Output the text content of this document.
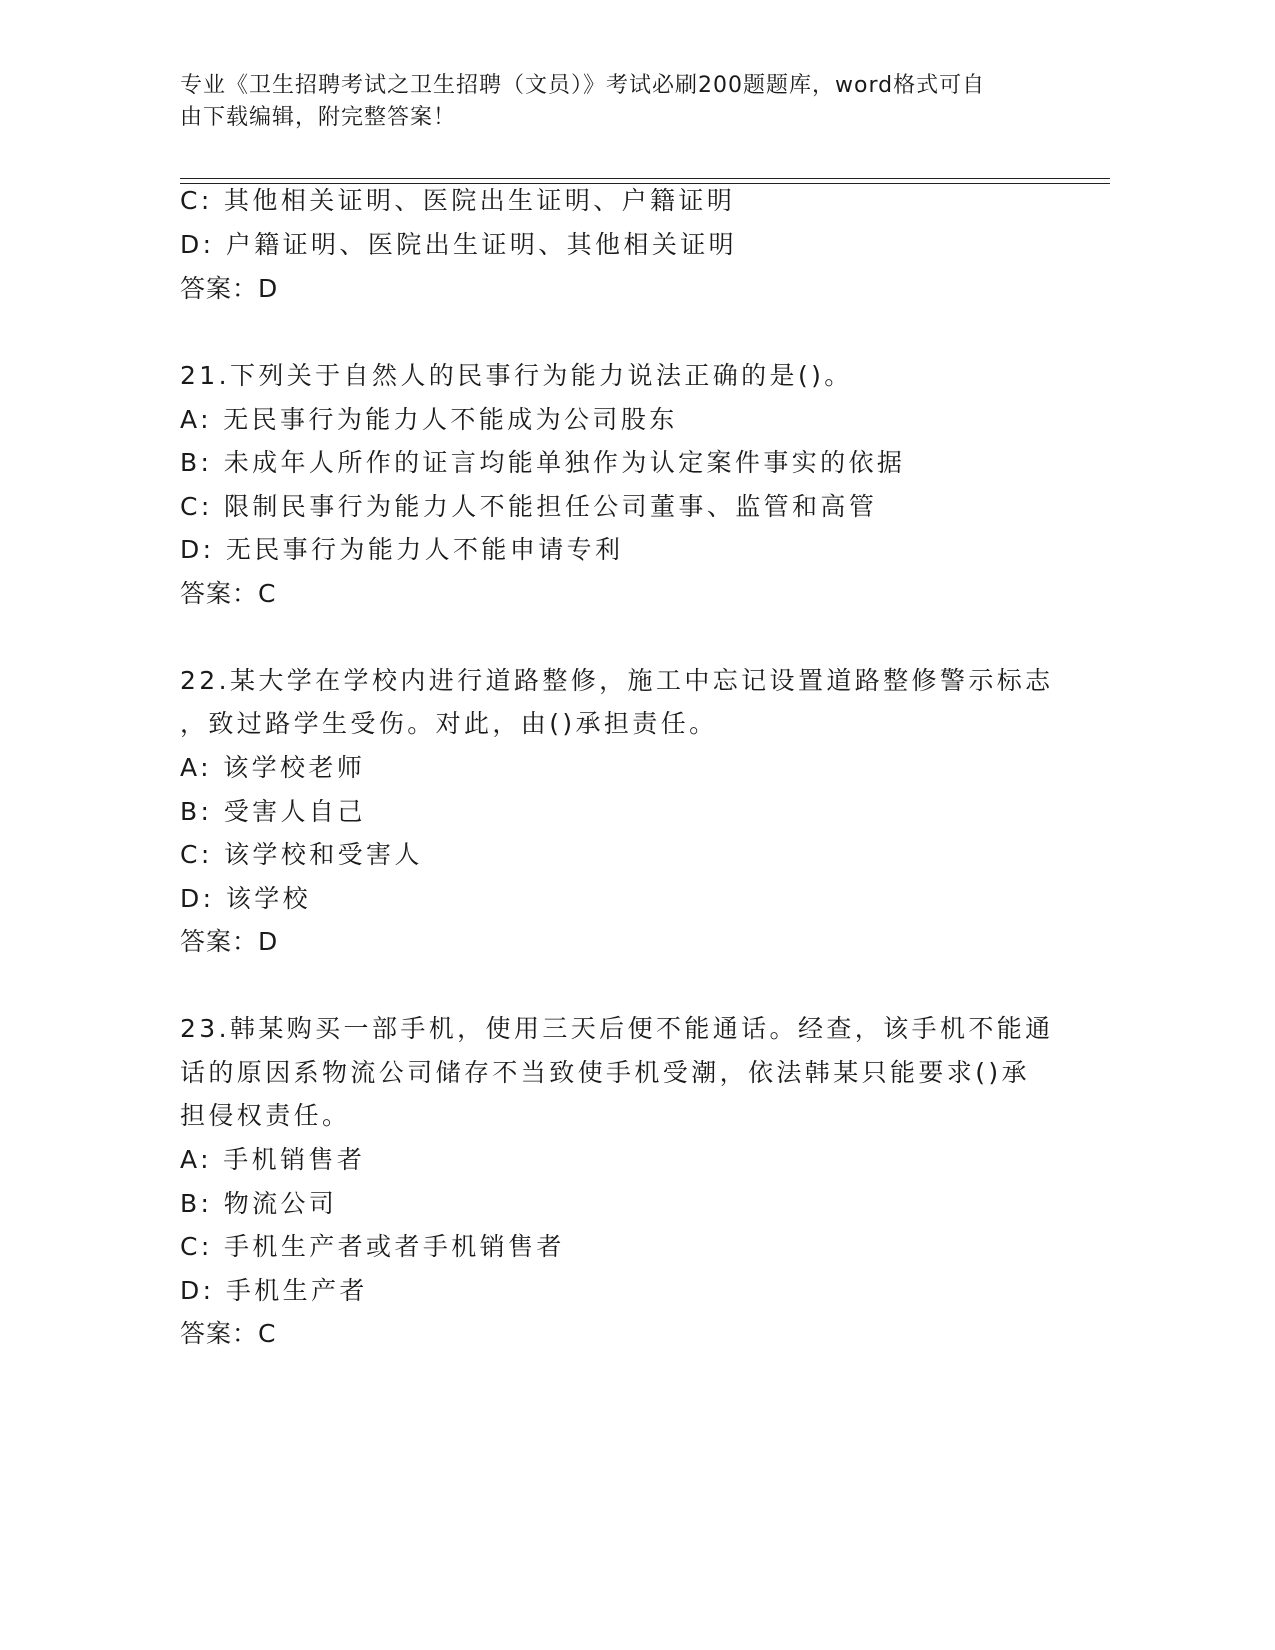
专业《卫生招聘考试之卫生招聘（文员）》考试必刷200题题库，word格式可自
由下载编辑，附完整答案！
C: 其他相关证明、医院出生证明、户籍证明
D: 户籍证明、医院出生证明、其他相关证明
答案：D
21.下列关于自然人的民事行为能力说法正确的是()。
A: 无民事行为能力人不能成为公司股东
B: 未成年人所作的证言均能单独作为认定案件事实的依据
C: 限制民事行为能力人不能担任公司董事、监管和高管
D: 无民事行为能力人不能申请专利
答案：C
22.某大学在学校内进行道路整修，施工中忘记设置道路整修警示标志
，致过路学生受伤。对此，由()承担责任。
A: 该学校老师
B: 受害人自己
C: 该学校和受害人
D: 该学校
答案：D
23.韩某购买一部手机，使用三天后便不能通话。经查，该手机不能通
话的原因系物流公司储存不当致使手机受潮，依法韩某只能要求()承
担侵权责任。
A: 手机销售者
B: 物流公司
C: 手机生产者或者手机销售者
D: 手机生产者
答案：C
